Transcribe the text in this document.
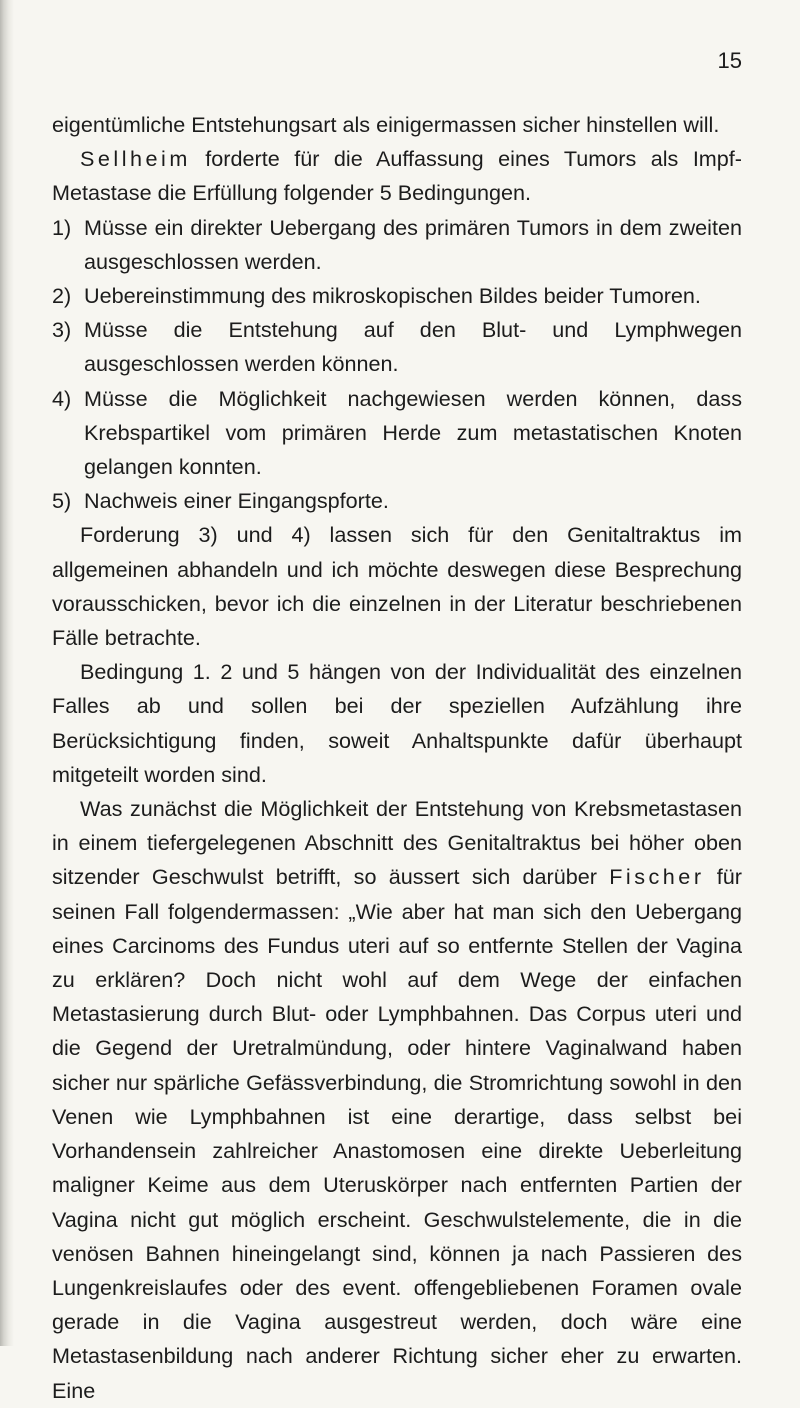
15

eigentümliche Entstehungsart als einigermassen sicher hinstellen will.

Sellheim forderte für die Auffassung eines Tumors als Impf-Metastase die Erfüllung folgender 5 Bedingungen.

1) Müsse ein direkter Uebergang des primären Tumors in dem zweiten ausgeschlossen werden.
2) Uebereinstimmung des mikroskopischen Bildes beider Tumoren.
3) Müsse die Entstehung auf den Blut- und Lymphwegen ausgeschlossen werden können.
4) Müsse die Möglichkeit nachgewiesen werden können, dass Krebspartikel vom primären Herde zum metastatischen Knoten gelangen konnten.
5) Nachweis einer Eingangspforte.

Forderung 3) und 4) lassen sich für den Genitaltraktus im allgemeinen abhandeln und ich möchte deswegen diese Besprechung vorausschicken, bevor ich die einzelnen in der Literatur beschriebenen Fälle betrachte.

Bedingung 1. 2 und 5 hängen von der Individualität des einzelnen Falles ab und sollen bei der speziellen Aufzählung ihre Berücksichtigung finden, soweit Anhaltspunkte dafür überhaupt mitgeteilt worden sind.

Was zunächst die Möglichkeit der Entstehung von Krebsmetastasen in einem tiefergelegenen Abschnitt des Genitaltraktus bei höher oben sitzender Geschwulst betrifft, so äussert sich darüber Fischer für seinen Fall folgendermassen: „Wie aber hat man sich den Uebergang eines Carcinoms des Fundus uteri auf so entfernte Stellen der Vagina zu erklären? Doch nicht wohl auf dem Wege der einfachen Metastasierung durch Blut- oder Lymphbahnen. Das Corpus uteri und die Gegend der Uretralmündung, oder hintere Vaginalwand haben sicher nur spärliche Gefässverbindung, die Stromrichtung sowohl in den Venen wie Lymphbahnen ist eine derartige, dass selbst bei Vorhandensein zahlreicher Anastomosen eine direkte Ueberleitung maligner Keime aus dem Uteruskörper nach entfernten Partien der Vagina nicht gut möglich erscheint. Geschwulstelemente, die in die venösen Bahnen hineingelangt sind, können ja nach Passieren des Lungenkreislaufes oder des event. offengebliebenen Foramen ovale gerade in die Vagina ausgestreut werden, doch wäre eine Metastasenbildung nach anderer Richtung sicher eher zu erwarten. Eine
